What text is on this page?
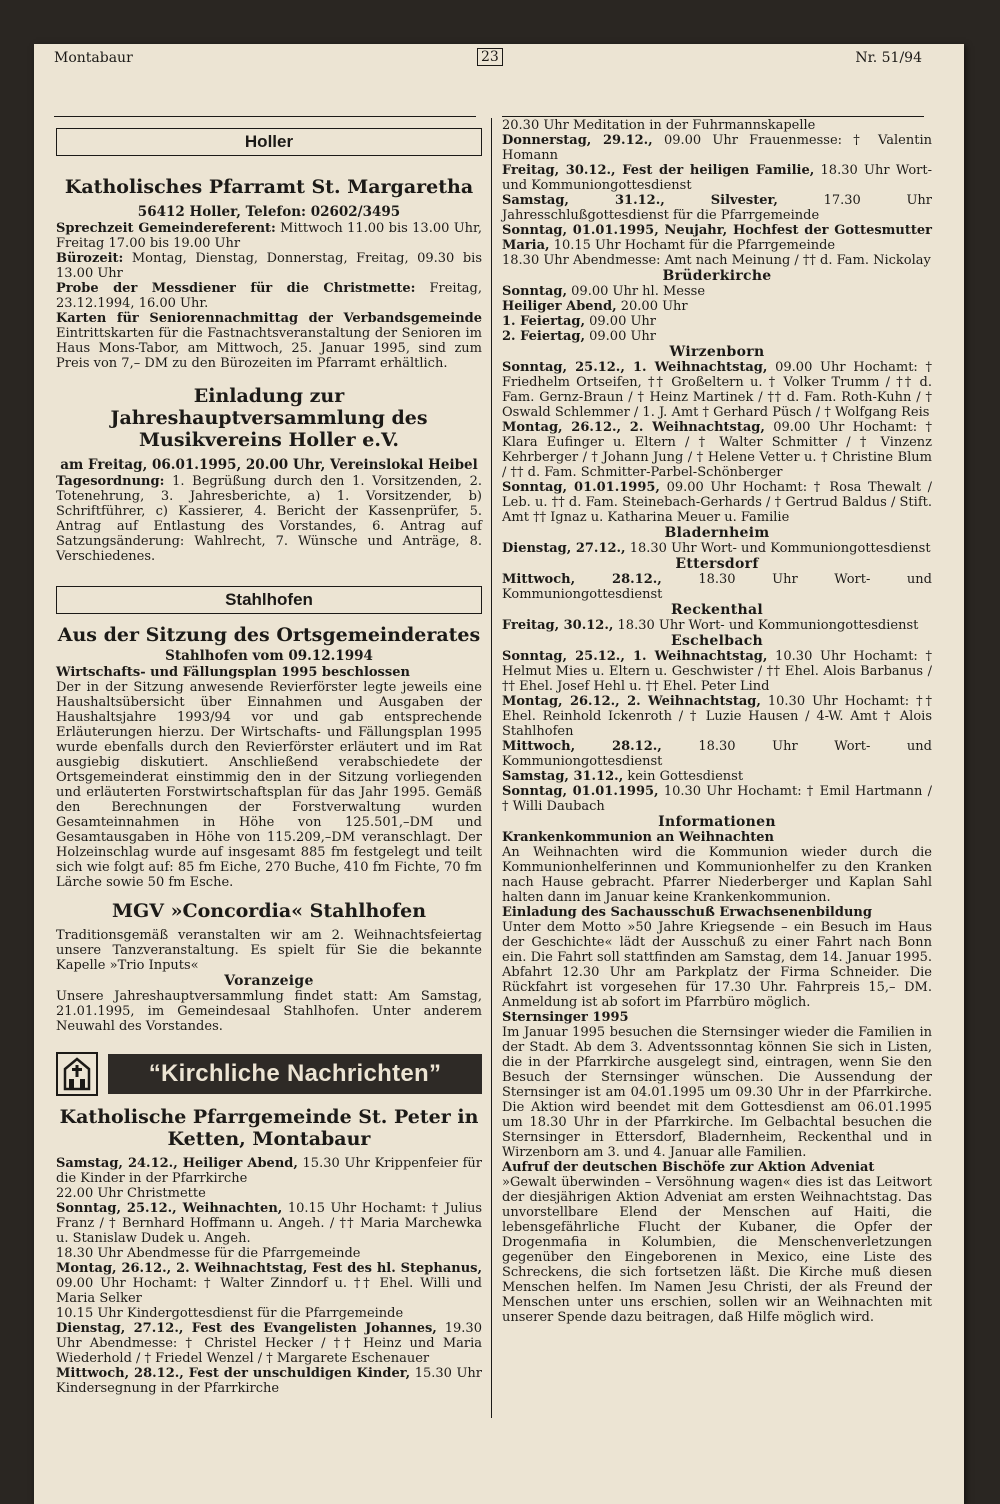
Montabaur	23	Nr. 51/94
Holler
Katholisches Pfarramt St. Margaretha
56412 Holler, Telefon: 02602/3495

Sprechzeit Gemeindereferent: Mittwoch 11.00 bis 13.00 Uhr, Freitag 17.00 bis 19.00 Uhr

Bürozeit: Montag, Dienstag, Donnerstag, Freitag, 09.30 bis 13.00 Uhr

Probe der Messdiener für die Christmette: Freitag, 23.12.1994, 16.00 Uhr.

Karten für Seniorennachmittag der Verbandsgemeinde Eintrittskarten für die Fastnachtsveranstaltung der Senioren im Haus Mons-Tabor, am Mittwoch, 25. Januar 1995, sind zum Preis von 7,– DM zu den Bürozeiten im Pfarramt erhältlich.

Einladung zur Jahreshauptversammlung des Musikvereins Holler e.V.
am Freitag, 06.01.1995, 20.00 Uhr, Vereinslokal Heibel

Tagesordnung: 1. Begrüßung durch den 1. Vorsitzenden, 2. Totenehrung, 3. Jahresberichte, a) 1. Vorsitzender, b) Schriftführer, c) Kassierer, 4. Bericht der Kassenprüfer, 5. Antrag auf Entlastung des Vorstandes, 6. Antrag auf Satzungsänderung: Wahlrecht, 7. Wünsche und Anträge, 8. Verschiedenes.

Stahlhofen
Aus der Sitzung des Ortsgemeinderates
Stahlhofen vom 09.12.1994

Wirtschafts- und Fällungsplan 1995 beschlossen

Der in der Sitzung anwesende Revierförster legte jeweils eine Haushaltsübersicht über Einnahmen und Ausgaben der Haushaltsjahre 1993/94 vor und gab entsprechende Erläuterungen hierzu. Der Wirtschafts- und Fällungsplan 1995 wurde ebenfalls durch den Revierförster erläutert und im Rat ausgiebig diskutiert. Anschließend verabschiedete der Ortsgemeinderat einstimmig den in der Sitzung vorliegenden und erläuterten Forstwirtschaftsplan für das Jahr 1995. Gemäß den Berechnungen der Forstverwaltung wurden Gesamteinnahmen in Höhe von 125.501,–DM und Gesamtausgaben in Höhe von 115.209,–DM veranschlagt. Der Holzeinschlag wurde auf insgesamt 885 fm festgelegt und teilt sich wie folgt auf: 85 fm Eiche, 270 Buche, 410 fm Fichte, 70 fm Lärche sowie 50 fm Esche.

MGV »Concordia« Stahlhofen

Traditionsgemäß veranstalten wir am 2. Weihnachtsfeiertag unsere Tanzveranstaltung. Es spielt für Sie die bekannte Kapelle »Trio Inputs«

Voranzeige

Unsere Jahreshauptversammlung findet statt: Am Samstag, 21.01.1995, im Gemeindesaal Stahlhofen. Unter anderem Neuwahl des Vorstandes.

“Kirchliche Nachrichten”
Katholische Pfarrgemeinde St. Peter in Ketten, Montabaur

Samstag, 24.12., Heiliger Abend, 15.30 Uhr Krippenfeier für die Kinder in der Pfarrkirche

22.00 Uhr Christmette

Sonntag, 25.12., Weihnachten, 10.15 Uhr Hochamt: † Julius Franz / † Bernhard Hoffmann u. Angeh. / †† Maria Marchewka u. Stanislaw Dudek u. Angeh.

18.30 Uhr Abendmesse für die Pfarrgemeinde

Montag, 26.12., 2. Weihnachtstag, Fest des hl. Stephanus, 09.00 Uhr Hochamt: † Walter Zinndorf u. †† Ehel. Willi und Maria Selker

10.15 Uhr Kindergottesdienst für die Pfarrgemeinde

Dienstag, 27.12., Fest des Evangelisten Johannes, 19.30 Uhr Abendmesse: † Christel Hecker / †† Heinz und Maria Wiederhold / † Friedel Wenzel / † Margarete Eschenauer

Mittwoch, 28.12., Fest der unschuldigen Kinder, 15.30 Uhr Kindersegnung in der Pfarrkirche

20.30 Uhr Meditation in der Fuhrmannskapelle

Donnerstag, 29.12., 09.00 Uhr Frauenmesse: † Valentin Homann

Freitag, 30.12., Fest der heiligen Familie, 18.30 Uhr Wort- und Kommuniongottesdienst

Samstag, 31.12., Silvester, 17.30 Uhr Jahresschlußgottesdienst für die Pfarrgemeinde

Sonntag, 01.01.1995, Neujahr, Hochfest der Gottesmutter Maria, 10.15 Uhr Hochamt für die Pfarrgemeinde

18.30 Uhr Abendmesse: Amt nach Meinung / †† d. Fam. Nickolay

Brüderkirche

Sonntag, 09.00 Uhr hl. Messe

Heiliger Abend, 20.00 Uhr

1. Feiertag, 09.00 Uhr

2. Feiertag, 09.00 Uhr

Wirzenborn

Sonntag, 25.12., 1. Weihnachtstag, 09.00 Uhr Hochamt: † Friedhelm Ortseifen, †† Großeltern u. † Volker Trumm / †† d. Fam. Gernz-Braun / † Heinz Martinek / †† d. Fam. Roth-Kuhn / † Oswald Schlemmer / 1. J. Amt † Gerhard Püsch / † Wolfgang Reis

Montag, 26.12., 2. Weihnachtstag, 09.00 Uhr Hochamt: † Klara Eufinger u. Eltern / † Walter Schmitter / † Vinzenz Kehrberger / † Johann Jung / † Helene Vetter u. † Christine Blum / †† d. Fam. Schmitter-Parbel-Schönberger

Sonntag, 01.01.1995, 09.00 Uhr Hochamt: † Rosa Thewalt / Leb. u. †† d. Fam. Steinebach-Gerhards / † Gertrud Baldus / Stift. Amt †† Ignaz u. Katharina Meuer u. Familie

Bladernheim

Dienstag, 27.12., 18.30 Uhr Wort- und Kommuniongottesdienst

Ettersdorf

Mittwoch, 28.12., 18.30 Uhr Wort- und Kommuniongottesdienst

Reckenthal

Freitag, 30.12., 18.30 Uhr Wort- und Kommuniongottesdienst

Eschelbach

Sonntag, 25.12., 1. Weihnachtstag, 10.30 Uhr Hochamt: † Helmut Mies u. Eltern u. Geschwister / †† Ehel. Alois Barbanus / †† Ehel. Josef Hehl u. †† Ehel. Peter Lind

Montag, 26.12., 2. Weihnachtstag, 10.30 Uhr Hochamt: †† Ehel. Reinhold Ickenroth / † Luzie Hausen / 4-W. Amt † Alois Stahlhofen

Mittwoch, 28.12., 18.30 Uhr Wort- und Kommuniongottesdienst

Samstag, 31.12., kein Gottesdienst

Sonntag, 01.01.1995, 10.30 Uhr Hochamt: † Emil Hartmann / † Willi Daubach

Informationen

Krankenkommunion an Weihnachten

An Weihnachten wird die Kommunion wieder durch die Kommunionhelferinnen und Kommunionhelfer zu den Kranken nach Hause gebracht. Pfarrer Niederberger und Kaplan Sahl halten dann im Januar keine Krankenkommunion.

Einladung des Sachausschuß Erwachsenenbildung

Unter dem Motto »50 Jahre Kriegsende – ein Besuch im Haus der Geschichte« lädt der Ausschuß zu einer Fahrt nach Bonn ein. Die Fahrt soll stattfinden am Samstag, dem 14. Januar 1995. Abfahrt 12.30 Uhr am Parkplatz der Firma Schneider. Die Rückfahrt ist vorgesehen für 17.30 Uhr. Fahrpreis 15,– DM. Anmeldung ist ab sofort im Pfarrbüro möglich.

Sternsinger 1995

Im Januar 1995 besuchen die Sternsinger wieder die Familien in der Stadt. Ab dem 3. Adventssonntag können Sie sich in Listen, die in der Pfarrkirche ausgelegt sind, eintragen, wenn Sie den Besuch der Sternsinger wünschen. Die Aussendung der Sternsinger ist am 04.01.1995 um 09.30 Uhr in der Pfarrkirche. Die Aktion wird beendet mit dem Gottesdienst am 06.01.1995 um 18.30 Uhr in der Pfarrkirche. Im Gelbachtal besuchen die Sternsinger in Ettersdorf, Bladernheim, Reckenthal und in Wirzenborn am 3. und 4. Januar alle Familien.

Aufruf der deutschen Bischöfe zur Aktion Adveniat

»Gewalt überwinden – Versöhnung wagen« dies ist das Leitwort der diesjährigen Aktion Adveniat am ersten Weihnachtstag. Das unvorstellbare Elend der Menschen auf Haiti, die lebensgefährliche Flucht der Kubaner, die Opfer der Drogenmafia in Kolumbien, die Menschenverletzungen gegenüber den Eingeborenen in Mexico, eine Liste des Schreckens, die sich fortsetzen läßt. Die Kirche muß diesen Menschen helfen. Im Namen Jesu Christi, der als Freund der Menschen unter uns erschien, sollen wir an Weihnachten mit unserer Spende dazu beitragen, daß Hilfe möglich wird.
